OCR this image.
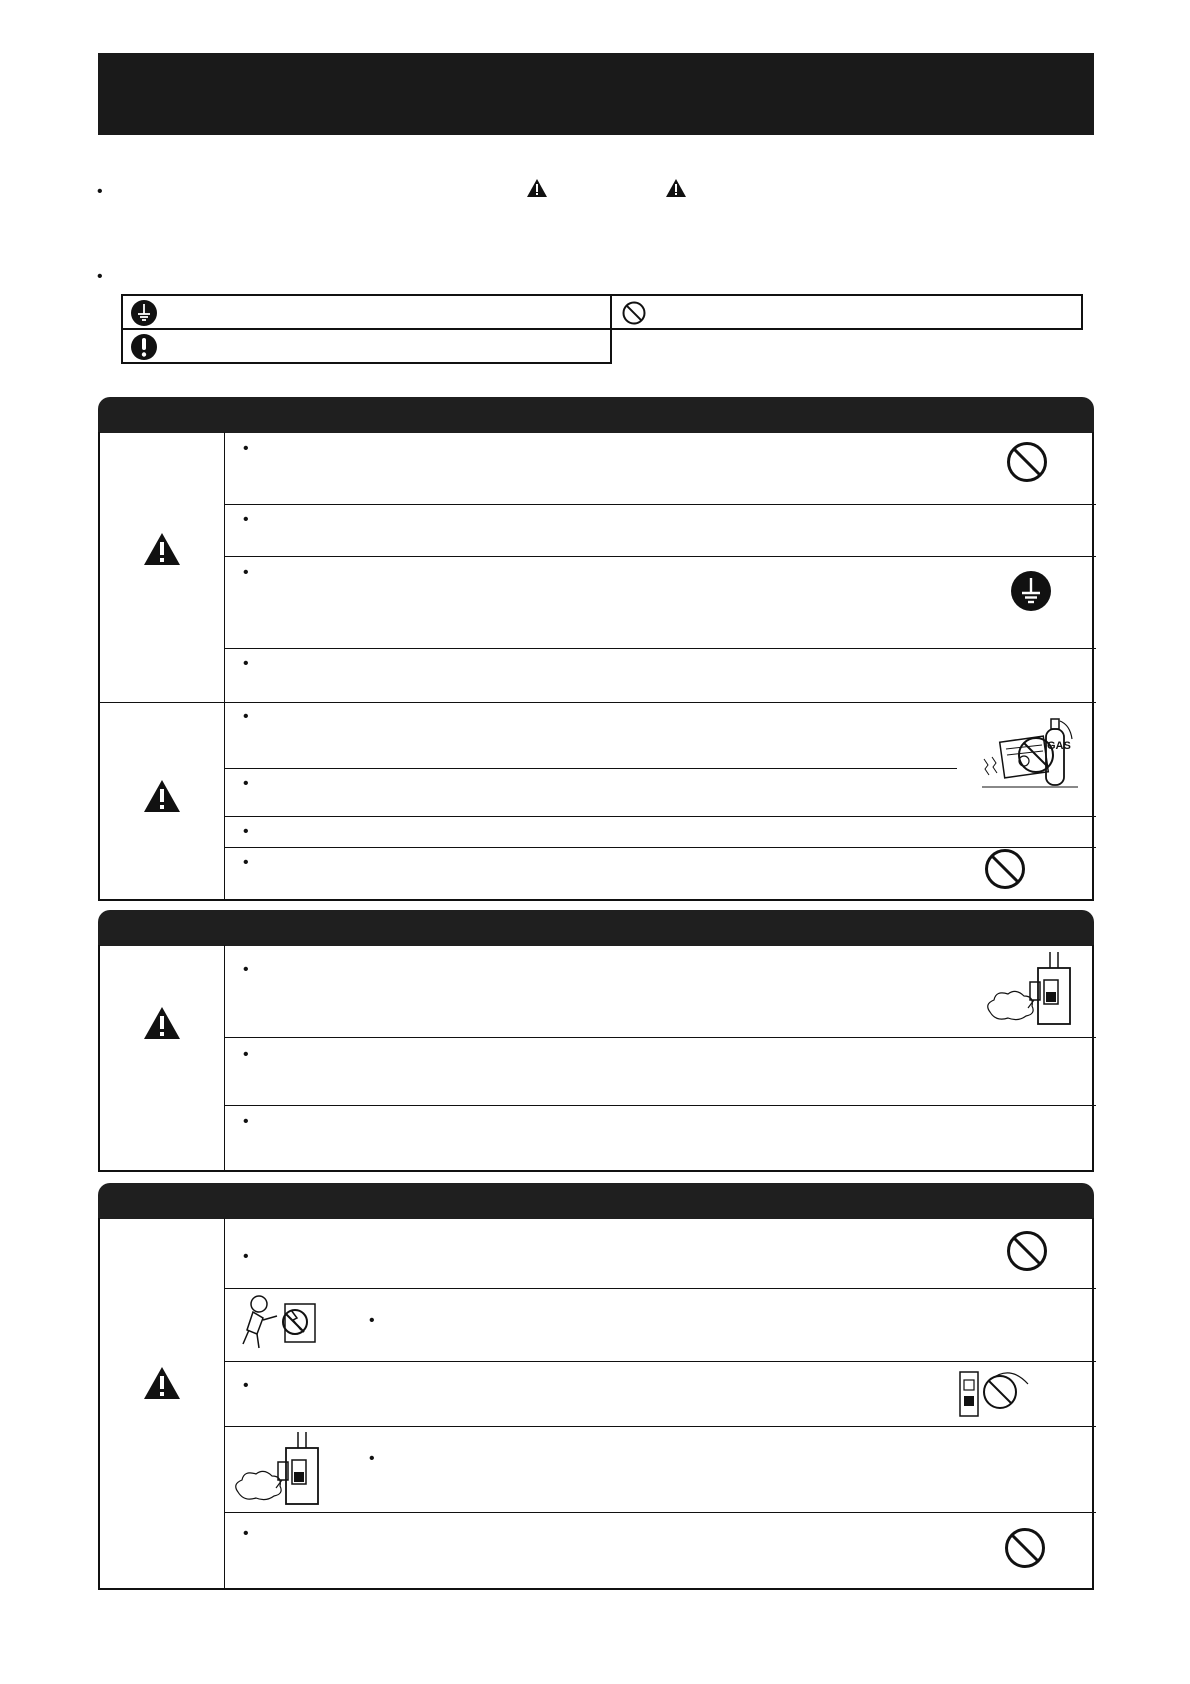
•
•
•
•
•
•
•
•
•
•
GAS
•
•
•
•
•
•
•
•
